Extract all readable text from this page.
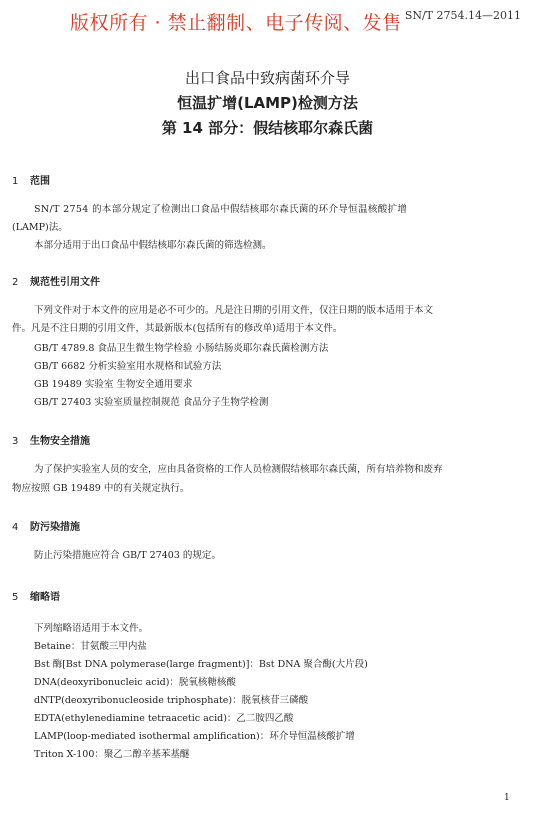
版权所有 · 禁止翻制、电子传阅、发售 SN/T 2754.14—2011
出口食品中致病菌环介导
恒温扩增(LAMP)检测方法
第 14 部分：假结核耶尔森氏菌
1 范围
SN/T 2754 的本部分规定了检测出口食品中假结核耶尔森氏菌的环介导恒温核酸扩增
(LAMP)法。
本部分适用于出口食品中假结核耶尔森氏菌的筛选检测。
2 规范性引用文件
下列文件对于本文件的应用是必不可少的。凡是注日期的引用文件，仅注日期的版本适用于本文
件。凡是不注日期的引用文件，其最新版本(包括所有的修改单)适用于本文件。
GB/T 4789.8 食品卫生微生物学检验 小肠结肠炎耶尔森氏菌检测方法
GB/T 6682 分析实验室用水规格和试验方法
GB 19489 实验室 生物安全通用要求
GB/T 27403 实验室质量控制规范 食品分子生物学检测
3 生物安全措施
为了保护实验室人员的安全，应由具备资格的工作人员检测假结核耶尔森氏菌，所有培养物和废弃
物应按照 GB 19489 中的有关规定执行。
4 防污染措施
防止污染措施应符合 GB/T 27403 的规定。
5 缩略语
下列缩略语适用于本文件。
Betaine：甘氨酸三甲内盐
Bst 酶[Bst DNA polymerase(large fragment)]：Bst DNA 聚合酶(大片段)
DNA(deoxyribonucleic acid)：脱氧核糖核酸
dNTP(deoxyribonucleoside triphosphate)：脱氧核苷三磷酸
EDTA(ethylenediamine tetraacetic acid)：乙二胺四乙酸
LAMP(loop-mediated isothermal amplification)：环介导恒温核酸扩增
Triton X-100：聚乙二醇辛基苯基醚
1
